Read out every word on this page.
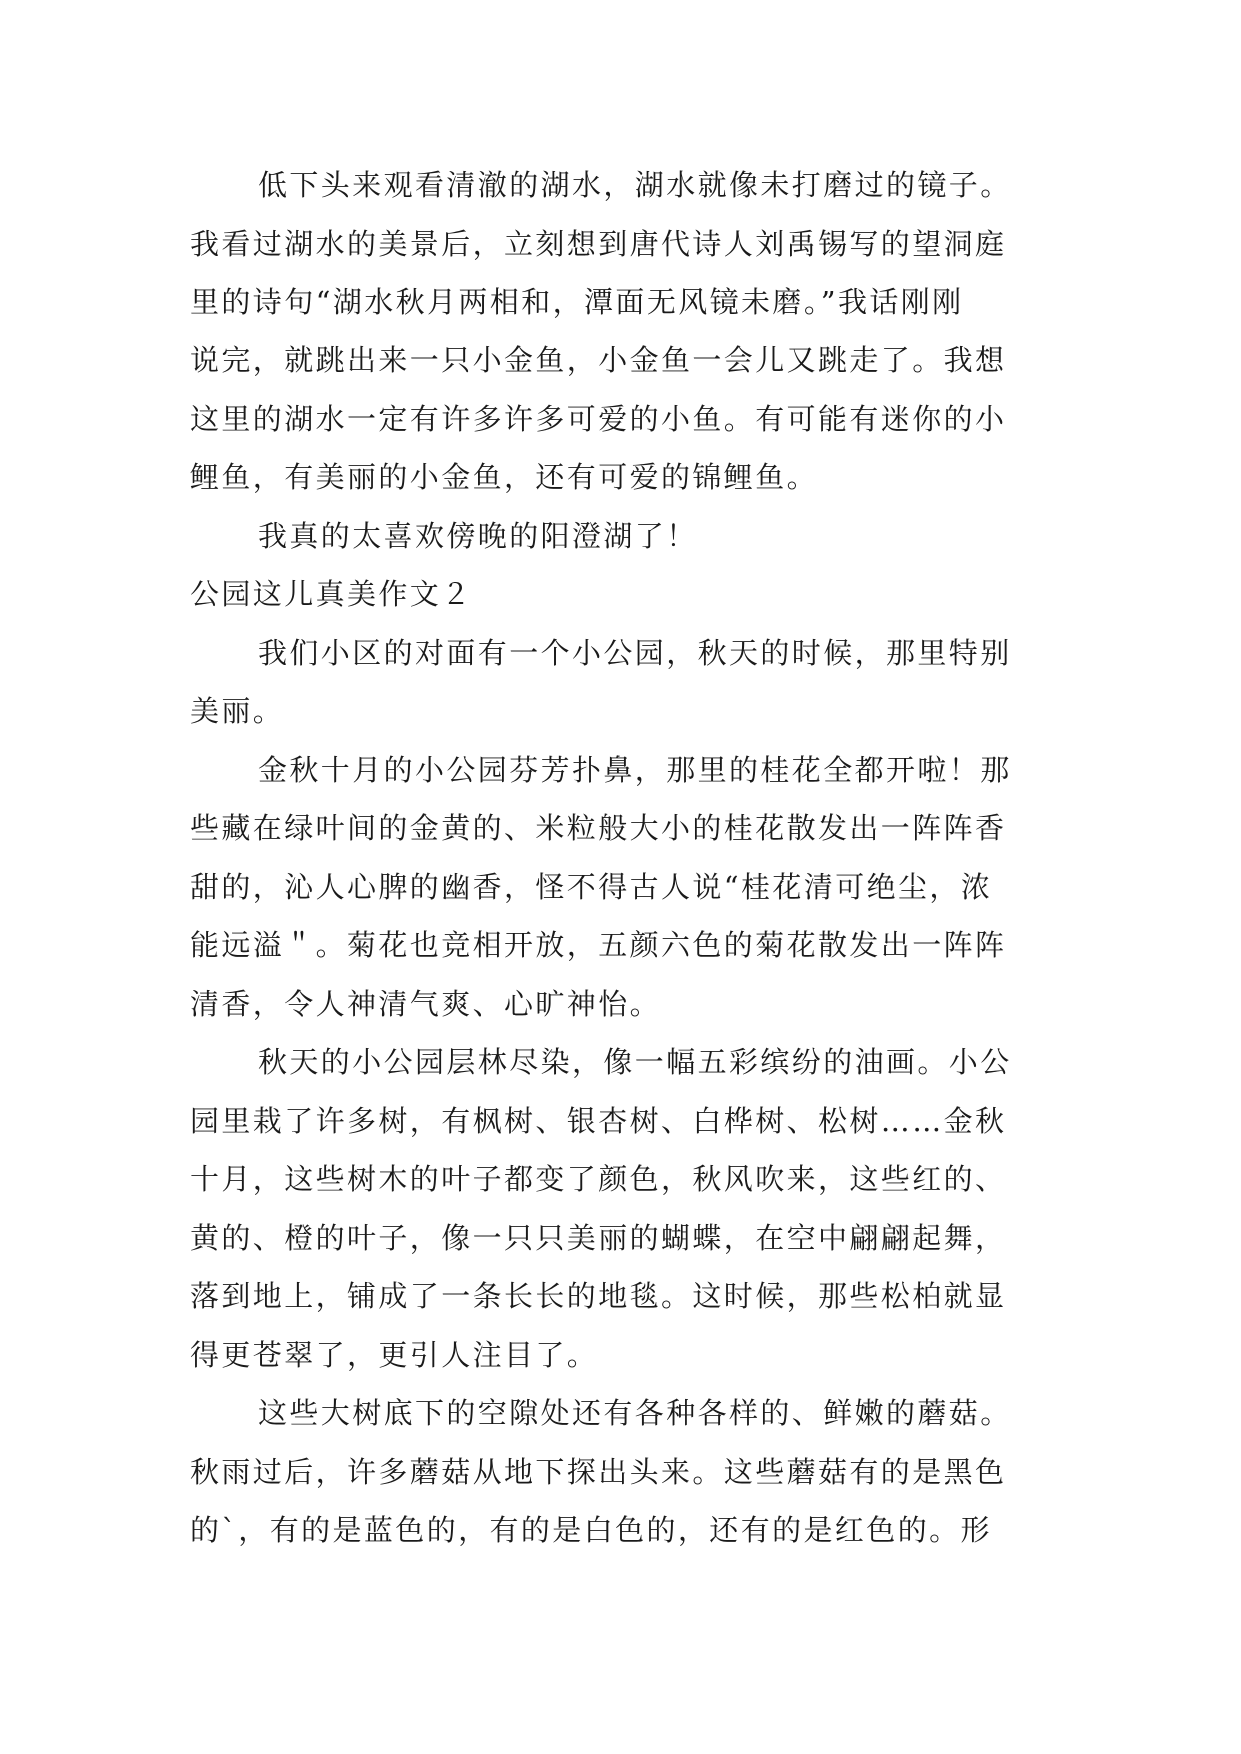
低下头来观看清澈的湖水，湖水就像未打磨过的镜子。
我看过湖水的美景后，立刻想到唐代诗人刘禹锡写的望洞庭
里的诗句“湖水秋月两相和，潭面无风镜未磨。”我话刚刚
说完，就跳出来一只小金鱼，小金鱼一会儿又跳走了。我想
这里的湖水一定有许多许多可爱的小鱼。有可能有迷你的小
鲤鱼，有美丽的小金鱼，还有可爱的锦鲤鱼。
我真的太喜欢傍晚的阳澄湖了！
公园这儿真美作文２
我们小区的对面有一个小公园，秋天的时候，那里特别
美丽。
金秋十月的小公园芬芳扑鼻，那里的桂花全都开啦！那
些藏在绿叶间的金黄的、米粒般大小的桂花散发出一阵阵香
甜的，沁人心脾的幽香，怪不得古人说“桂花清可绝尘，浓
能远溢＂。菊花也竞相开放，五颜六色的菊花散发出一阵阵
清香，令人神清气爽、心旷神怡。
秋天的小公园层林尽染，像一幅五彩缤纷的油画。小公
园里栽了许多树，有枫树、银杏树、白桦树、松树……金秋
十月，这些树木的叶子都变了颜色，秋风吹来，这些红的、
黄的、橙的叶子，像一只只美丽的蝴蝶，在空中翩翩起舞，
落到地上，铺成了一条长长的地毯。这时候，那些松柏就显
得更苍翠了，更引人注目了。
这些大树底下的空隙处还有各种各样的、鲜嫩的蘑菇。
秋雨过后，许多蘑菇从地下探出头来。这些蘑菇有的是黑色
的`，有的是蓝色的，有的是白色的，还有的是红色的。形
